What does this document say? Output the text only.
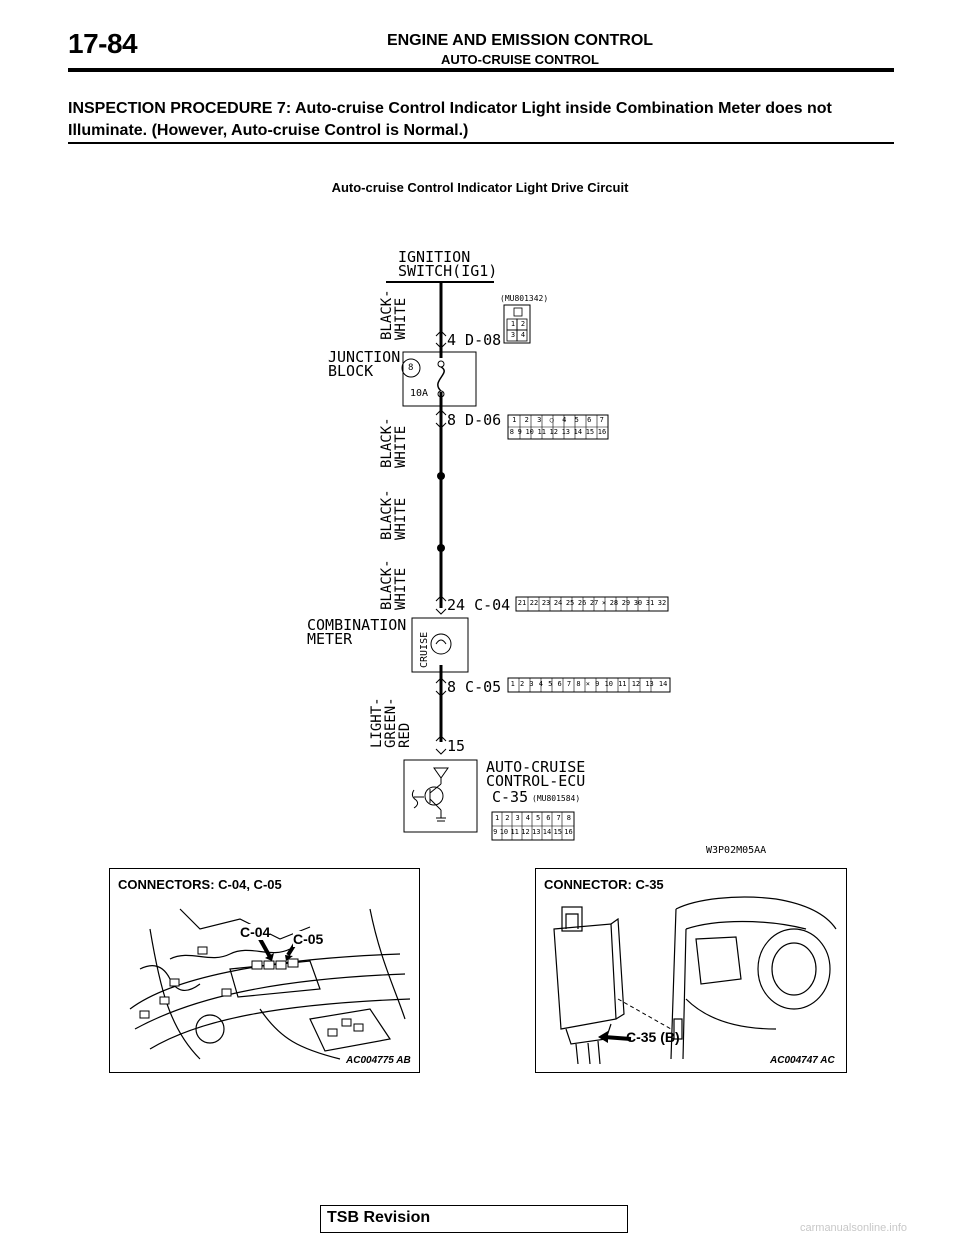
17-84	ENGINE AND EMISSION CONTROL
AUTO-CRUISE CONTROL
INSPECTION PROCEDURE 7: Auto-cruise Control Indicator Light inside Combination Meter does not Illuminate. (However, Auto-cruise Control is Normal.)
Auto-cruise Control Indicator Light Drive Circuit
IGNITION
SWITCH(IG1)
JUNCTION
BLOCK	8
10A
COMBINATION
METER
AUTO-CRUISE
CONTROL-ECU
BLACK-
WHITE
BLACK-
WHITE
BLACK-
WHITE
BLACK-
WHITE
LIGHT-
GREEN-
RED
CRUISE
4 D-08
8 D-06
24 C-04
8 C-05
15
C-35
(MU801342)
(MU801584)
W3P02M05AA
1 2
3 4
1 2 3 ○ 4 5 6 7
8 9 10 11 12 13 14 15 16
21 22 23 24 25 26 27 × 28 29 30 31 32
1 2 3 4 5 6 7 8 × 9 10 11 12 13 14
1 2 3 4 5 6 7 8
9 10 11 12 13 14 15 16
CONNECTORS: C-04, C-05
C-04 C-05
AC004775 AB
CONNECTOR: C-35
C-35 (B)
AC004747 AC
TSB Revision
carmanualsonline.info
